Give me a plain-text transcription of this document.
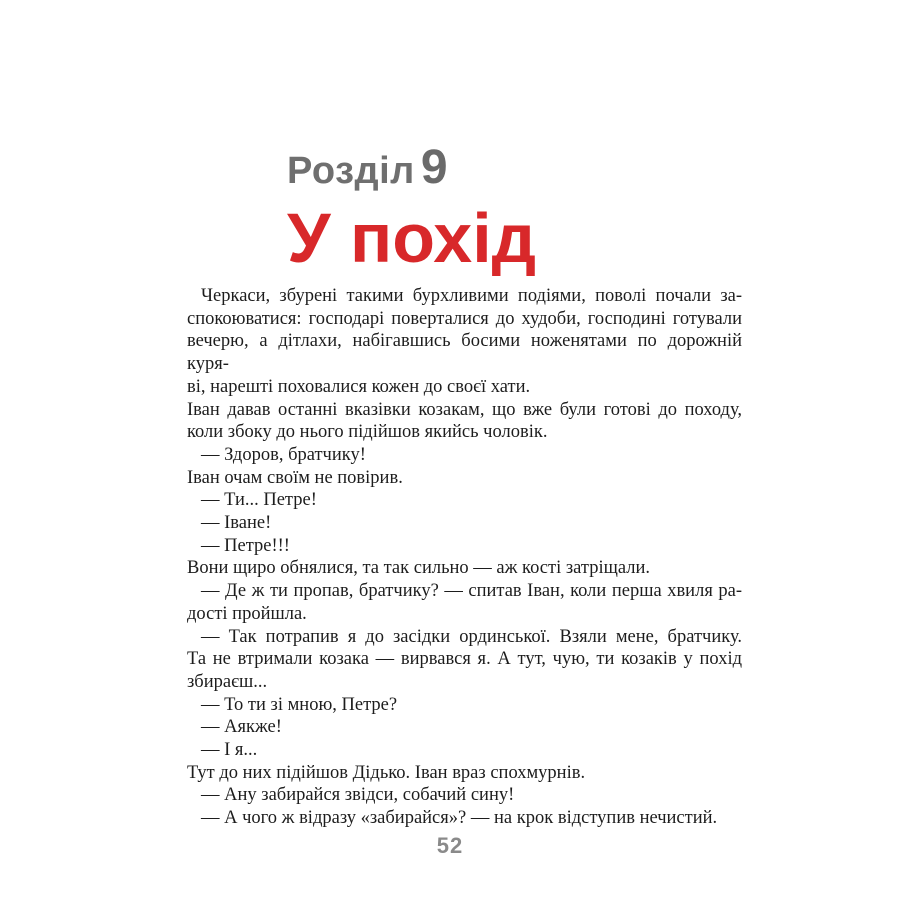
Розділ 9
У похід
Черкаси, збурені такими бурхливими подіями, поволі почали за-
спокоюватися: господарі поверталися до худоби, господині готували
вечерю, а дітлахи, набігавшись босими ноженятами по дорожній куря-
ві, нарешті поховалися кожен до своєї хати.
Іван давав останні вказівки козакам, що вже були готові до походу,
коли збоку до нього підійшов якийсь чоловік.
— Здоров, братчику!
Іван очам своїм не повірив.
— Ти... Петре!
— Іване!
— Петре!!!
Вони щиро обнялися, та так сильно — аж кості затріщали.
— Де ж ти пропав, братчику? — спитав Іван, коли перша хвиля ра-
дості пройшла.
— Так потрапив я до засідки ординської. Взяли мене, братчику.
Та не втримали козака — вирвався я. А тут, чую, ти козаків у похід
збираєш...
— То ти зі мною, Петре?
— Аякже!
— І я...
Тут до них підійшов Дідько. Іван враз спохмурнів.
— Ану забирайся звідси, собачий сину!
— А чого ж відразу «забирайся»? — на крок відступив нечистий.
52
